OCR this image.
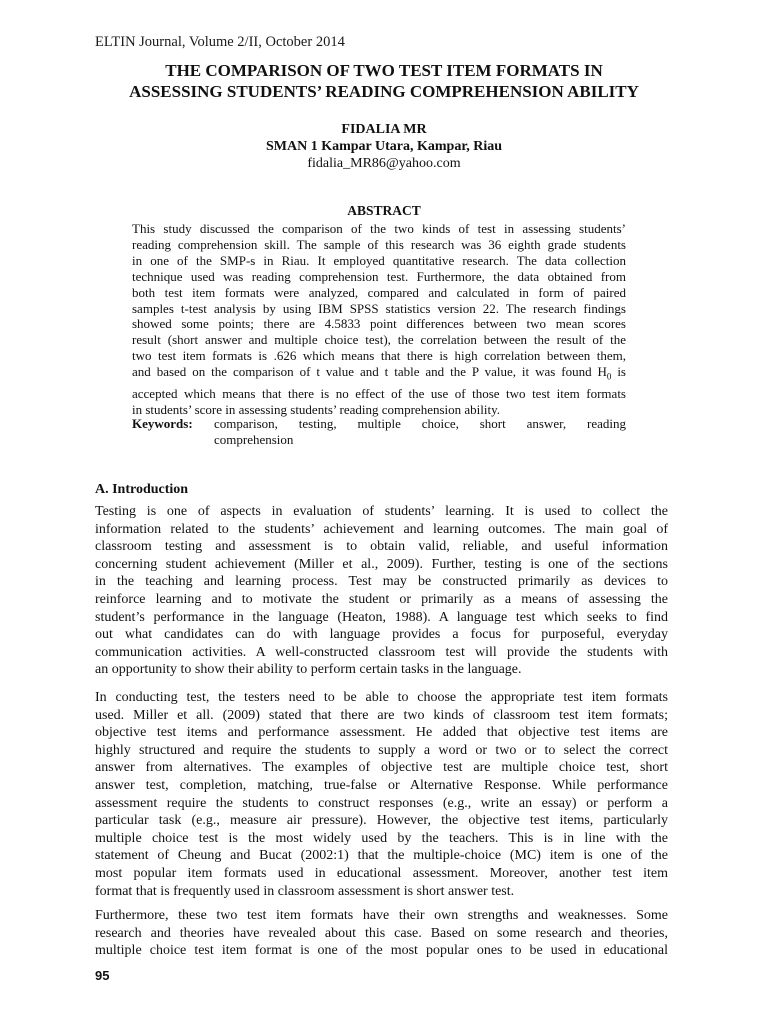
ELTIN Journal, Volume 2/II, October 2014
THE COMPARISON OF TWO TEST ITEM FORMATS IN
ASSESSING STUDENTS’ READING COMPREHENSION ABILITY
FIDALIA MR
SMAN 1 Kampar Utara, Kampar, Riau
fidalia_MR86@yahoo.com
ABSTRACT

This study discussed the comparison of the two kinds of test in assessing students’
reading comprehension skill. The sample of this research was 36 eighth grade students
in one of the SMP-s in Riau. It employed quantitative research. The data collection
technique used was reading comprehension test. Furthermore, the data obtained from
both test item formats were analyzed, compared and calculated in form of paired
samples t-test analysis by using IBM SPSS statistics version 22. The research findings
showed some points; there are 4.5833 point differences between two mean scores
result (short answer and multiple choice test), the correlation between the result of the
two test item formats is .626 which means that there is high correlation between them,
and based on the comparison of t value and t table and the P value, it was found $H_0$ is
accepted which means that there is no effect of the use of those two test item formats
in students’ score in assessing students’ reading comprehension ability.

Keywords:	comparison, testing, multiple choice, short answer, reading
comprehension
A. Introduction

Testing is one of aspects in evaluation of students’ learning. It is used to collect the
information related to the students’ achievement and learning outcomes. The main goal of
classroom testing and assessment is to obtain valid, reliable, and useful information
concerning student achievement (Miller et al., 2009). Further, testing is one of the sections
in the teaching and learning process. Test may be constructed primarily as devices to
reinforce learning and to motivate the student or primarily as a means of assessing the
student’s performance in the language (Heaton, 1988). A language test which seeks to find
out what candidates can do with language provides a focus for purposeful, everyday
communication activities. A well-constructed classroom test will provide the students with
an opportunity to show their ability to perform certain tasks in the language.

In conducting test, the testers need to be able to choose the appropriate test item formats
used. Miller et all. (2009) stated that there are two kinds of classroom test item formats;
objective test items and performance assessment. He added that objective test items are
highly structured and require the students to supply a word or two or to select the correct
answer from alternatives. The examples of objective test are multiple choice test, short
answer test, completion, matching, true-false or Alternative Response. While performance
assessment require the students to construct responses (e.g., write an essay) or perform a
particular task (e.g., measure air pressure). However, the objective test items, particularly
multiple choice test is the most widely used by the teachers. This is in line with the
statement of Cheung and Bucat (2002:1) that the multiple-choice (MC) item is one of the
most popular item formats used in educational assessment. Moreover, another test item
format that is frequently used in classroom assessment is short answer test.

Furthermore, these two test item formats have their own strengths and weaknesses. Some
research and theories have revealed about this case. Based on some research and theories,
multiple choice test item format is one of the most popular ones to be used in educational

95
